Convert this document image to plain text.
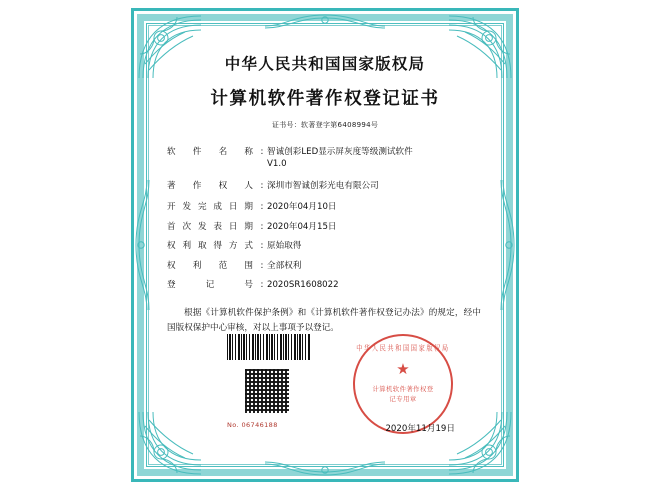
中华人民共和国国家版权局
计算机软件著作权登记证书
证书号：软著登字第6408994号
软件名称 : 智诚创彩LED显示屏灰度等级测试软件
V1.0
著作权人 : 深圳市智诚创彩光电有限公司
开发完成日期 : 2020年04月10日
首次发表日期 : 2020年04月15日
权利取得方式 : 原始取得
权利范围 : 全部权利
登记号 : 2020SR1608022
根据《计算机软件保护条例》和《计算机软件著作权登记办法》的规定，经中国版权保护中心审核，对以上事项予以登记。
No. 06746188
中华人民共和国国家版权局
★
计算机软件著作权登
记专用章
2020年11月19日
